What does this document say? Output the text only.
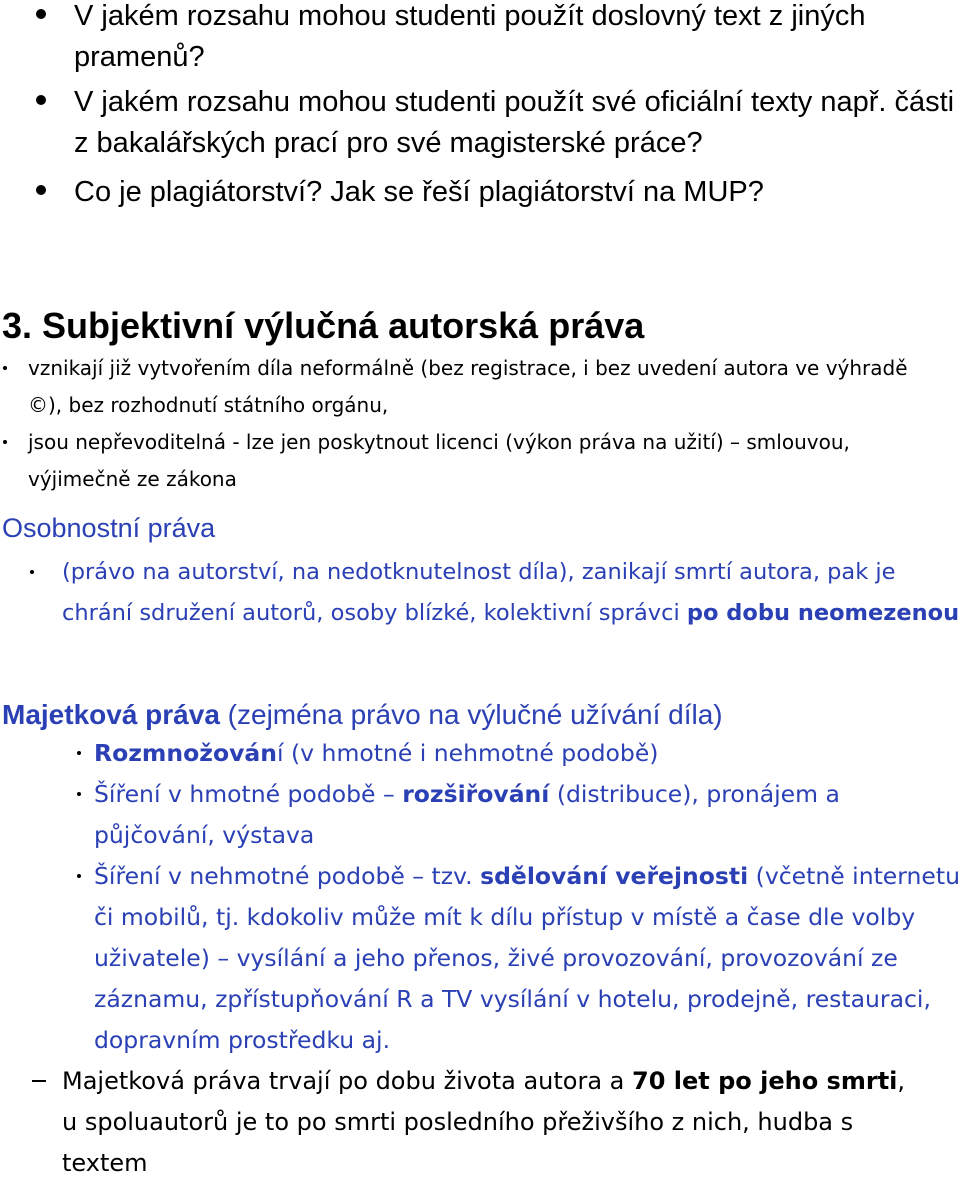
V jakém rozsahu mohou studenti použít doslovný text z jiných pramenů?
V jakém rozsahu mohou studenti použít své oficiální texty např. části z bakalářských prací pro své magisterské práce?
Co je plagiátorství? Jak se řeší plagiátorství na MUP?
3. Subjektivní výlučná autorská práva
vznikají již vytvořením díla neformálně (bez registrace, i bez uvedení autora ve výhradě ©), bez rozhodnutí státního orgánu,
jsou nepřevoditelná - lze jen poskytnout licenci (výkon práva na užití) – smlouvou, výjimečně ze zákona
Osobnostní práva
(právo na autorství, na nedotknutelnost díla), zanikají smrtí autora, pak je chrání sdružení autorů, osoby blízké, kolektivní správci po dobu neomezenou
Majetková práva (zejména právo na výlučné užívání díla)
Rozmnožování (v hmotné i nehmotné podobě)
Šíření v hmotné podobě – rozšiřování (distribuce), pronájem a půjčování, výstava
Šíření v nehmotné podobě – tzv. sdělování veřejnosti (včetně internetu či mobilů, tj. kdokoliv může mít k dílu přístup v místě a čase dle volby uživatele) – vysílání a jeho přenos, živé provozování, provozování ze záznamu, zpřístupňování R a TV vysílání v hotelu, prodejně, restauraci, dopravním prostředku aj.
Majetková práva trvají po dobu života autora a 70 let po jeho smrti, u spoluautorů je to po smrti posledního přeživšího z nich, hudba s textem
